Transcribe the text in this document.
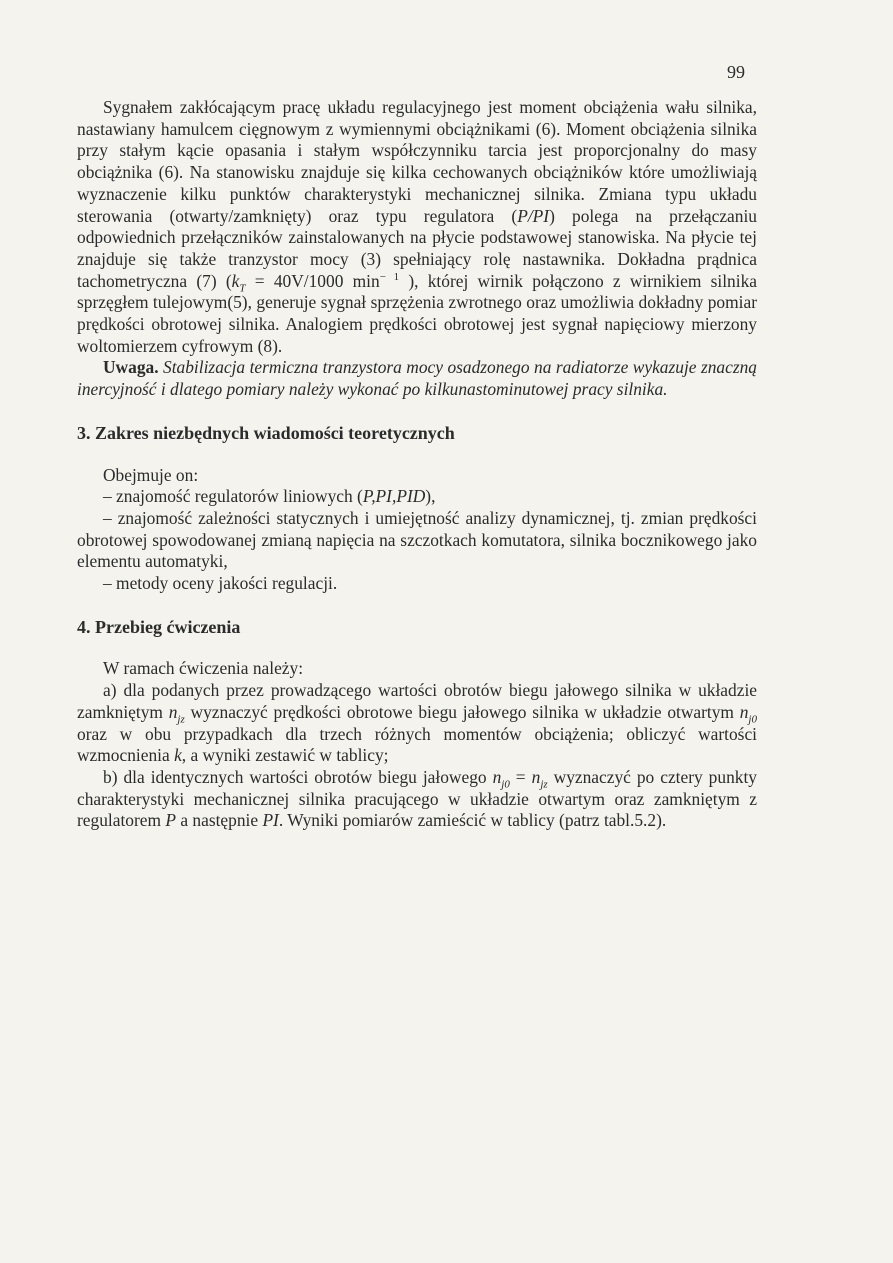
99

Sygnałem zakłócającym pracę układu regulacyjnego jest moment obciążenia wału silnika, nastawiany hamulcem cięgnowym z wymiennymi obciążnikami (6). Moment obciążenia silnika przy stałym kącie opasania i stałym współczynniku tarcia jest proporcjonalny do masy obciążnika (6). Na stanowisku znajduje się kilka cechowanych obciążników które umożliwiają wyznaczenie kilku punktów charakterystyki mechanicznej silnika. Zmiana typu układu sterowania (otwarty/zamknięty) oraz typu regulatora (P/PI) polega na przełączaniu odpowiednich przełączników zainstalowanych na płycie podstawowej stanowiska. Na płycie tej znajduje się także tranzystor mocy (3) spełniający rolę nastawnika. Dokładna prądnica tachometryczna (7) ($k_T = 40V/1000$ $\min^{- 1}$ ), której wirnik połączono z wirnikiem silnika sprzęgłem tulejowym(5), generuje sygnał sprzężenia zwrotnego oraz umożliwia dokładny pomiar prędkości obrotowej silnika. Analogiem prędkości obrotowej jest sygnał napięciowy mierzony woltomierzem cyfrowym (8).

Uwaga. Stabilizacja termiczna tranzystora mocy osadzonego na radiatorze wykazuje znaczną inercyjność i dlatego pomiary należy wykonać po kilkunastominutowej pracy silnika.

3. Zakres niezbędnych wiadomości teoretycznych

Obejmuje on:

– znajomość regulatorów liniowych (P,PI,PID),

– znajomość zależności statycznych i umiejętność analizy dynamicznej, tj. zmian prędkości obrotowej spowodowanej zmianą napięcia na szczotkach komutatora, silnika bocznikowego jako elementu automatyki,

– metody oceny jakości regulacji.

4. Przebieg ćwiczenia

W ramach ćwiczenia należy:

a) dla podanych przez prowadzącego wartości obrotów biegu jałowego silnika w układzie zamkniętym $n_{jz}$ wyznaczyć prędkości obrotowe biegu jałowego silnika w układzie otwartym $n_{j0}$ oraz w obu przypadkach dla trzech różnych momentów obciążenia; obliczyć wartości wzmocnienia k, a wyniki zestawić w tablicy;

b) dla identycznych wartości obrotów biegu jałowego $n_{j0} = n_{jz}$ wyznaczyć po cztery punkty charakterystyki mechanicznej silnika pracującego w układzie otwartym oraz zamkniętym z regulatorem P a następnie PI. Wyniki pomiarów zamieścić w tablicy (patrz tabl.5.2).
